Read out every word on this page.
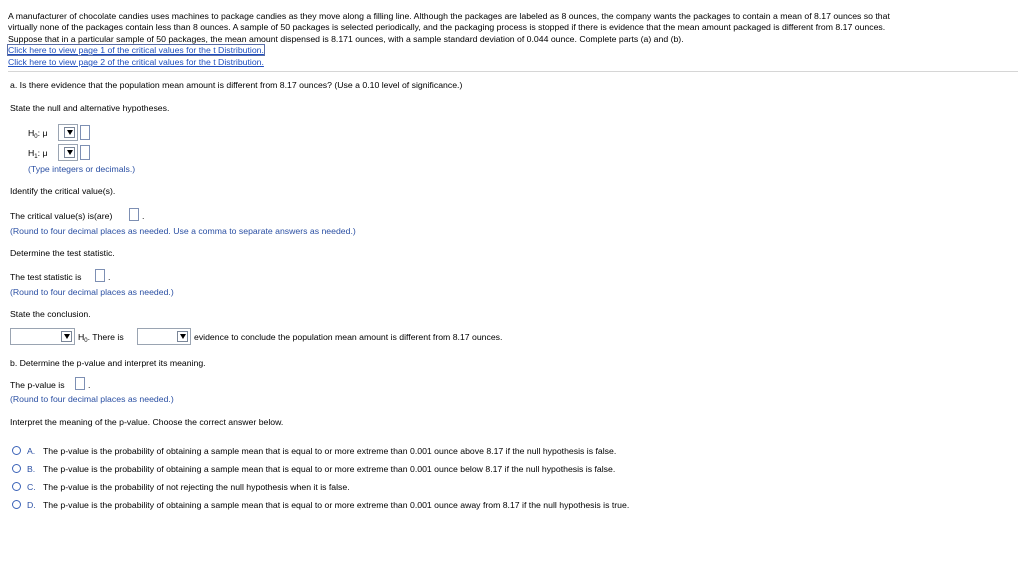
A manufacturer of chocolate candies uses machines to package candies as they move along a filling line. Although the packages are labeled as 8 ounces, the company wants the packages to contain a mean of 8.17 ounces so that
virtually none of the packages contain less than 8 ounces. A sample of 50 packages is selected periodically, and the packaging process is stopped if there is evidence that the mean amount packaged is different from 8.17 ounces.
Suppose that in a particular sample of 50 packages, the mean amount dispensed is 8.171 ounces, with a sample standard deviation of 0.044 ounce. Complete parts (a) and (b).
Click here to view page 1 of the critical values for the t Distribution.
Click here to view page 2 of the critical values for the t Distribution.
a. Is there evidence that the population mean amount is different from 8.17 ounces? (Use a 0.10 level of significance.)
State the null and alternative hypotheses.
$H_0$: μ
$H_1$: μ
(Type integers or decimals.)
Identify the critical value(s).
The critical value(s) is(are)	.
(Round to four decimal places as needed. Use a comma to separate answers as needed.)
Determine the test statistic.
The test statistic is	.
(Round to four decimal places as needed.)
State the conclusion.
$H_0$. There is	evidence to conclude the population mean amount is different from 8.17 ounces.
b. Determine the p-value and interpret its meaning.
The p-value is	.
(Round to four decimal places as needed.)
Interpret the meaning of the p-value. Choose the correct answer below.
A. The p-value is the probability of obtaining a sample mean that is equal to or more extreme than 0.001 ounce above 8.17 if the null hypothesis is false.
B. The p-value is the probability of obtaining a sample mean that is equal to or more extreme than 0.001 ounce below 8.17 if the null hypothesis is false.
C. The p-value is the probability of not rejecting the null hypothesis when it is false.
D. The p-value is the probability of obtaining a sample mean that is equal to or more extreme than 0.001 ounce away from 8.17 if the null hypothesis is true.
